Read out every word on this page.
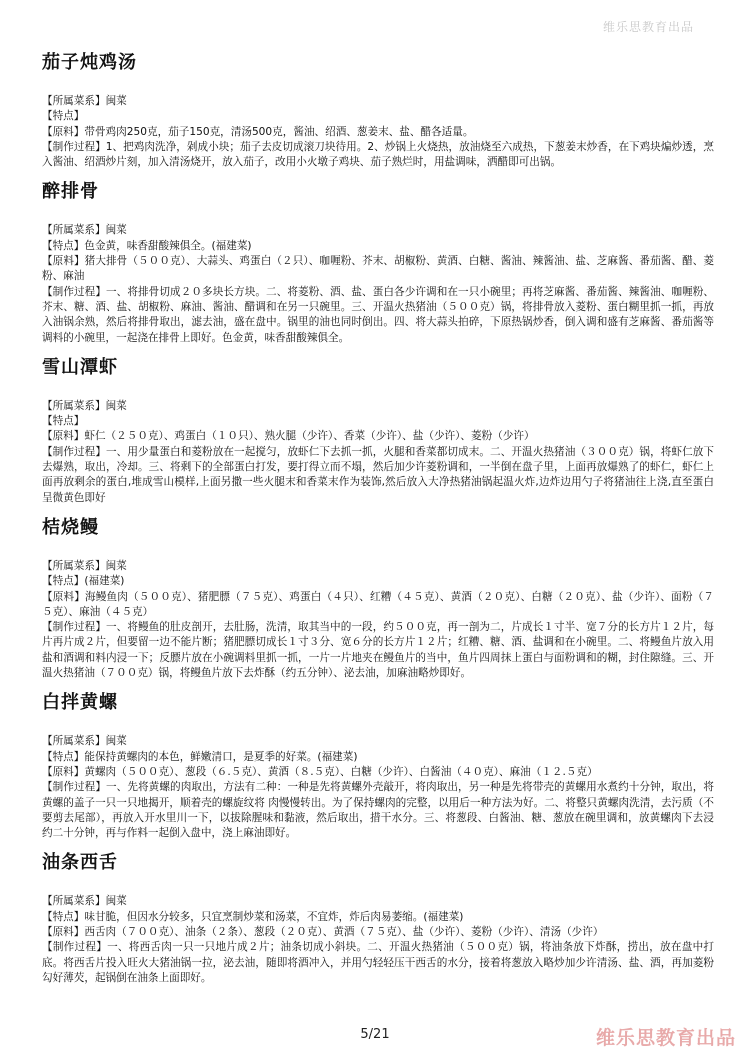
维乐思教育出品
茄子炖鸡汤

【所属菜系】闽菜

【特点】

【原料】带骨鸡肉250克，茄子150克，清汤500克，酱油、绍酒、葱姜末、盐、醋各适量。

【制作过程】1、把鸡肉洗净，剁成小块；茄子去皮切成滚刀块待用。2、炒锅上火烧热，放油烧至六成热，下葱姜末炒香，在下鸡块煸炒透，烹入酱油、绍酒炒片刻，加入清汤烧开，放入茄子，改用小火墩子鸡块、茄子熟烂时，用盐调味，洒醋即可出锅。

醉排骨

【所属菜系】闽菜

【特点】色金黄，味香甜酸辣俱全。(福建菜)

【原料】猪大排骨（５００克）、大蒜头、鸡蛋白（２只）、咖喱粉、芥末、胡椒粉、黄酒、白糖、酱油、辣酱油、盐、芝麻酱、番茄酱、醋、菱粉、麻油

【制作过程】一、将排骨切成２０多块长方块。二、将菱粉、酒、盐、蛋白各少许调和在一只小碗里；再将芝麻酱、番茄酱、辣酱油、咖喱粉、芥末、糖、酒、盐、胡椒粉、麻油、酱油、醋调和在另一只碗里。三、开温火热猪油（５００克）锅，将排骨放入菱粉、蛋白糊里抓一抓，再放入油锅余熟，然后将排骨取出，滤去油，盛在盘中。锅里的油也同时倒出。四、将大蒜头拍碎，下原热锅炒香，倒入调和盛有芝麻酱、番茄酱等调料的小碗里，一起浇在排骨上即好。色金黄，味香甜酸辣俱全。

雪山潭虾

【所属菜系】闽菜

【特点】

【原料】虾仁（２５０克）、鸡蛋白（１０只）、熟火腿（少许）、香菜（少许）、盐（少许）、菱粉（少许）

【制作过程】一、用少量蛋白和菱粉放在一起搅匀，放虾仁下去抓一抓，火腿和香菜都切成末。二、开温火热猪油（３００克）锅，将虾仁放下去爆熟，取出，冷却。三、将剩下的全部蛋白打发，要打得立而不塌，然后加少许菱粉调和，一半倒在盘子里，上面再放爆熟了的虾仁，虾仁上面再放剩余的蛋白,堆成雪山模样,上面另撒一些火腿末和香菜末作为装饰,然后放入大净热猪油锅起温火炸,边炸边用勺子将猪油往上浇,直至蛋白呈微黄色即好

桔烧鳗

【所属菜系】闽菜

【特点】(福建菜)

【原料】海鳗鱼肉（５００克）、猪肥膘（７５克）、鸡蛋白（４只）、红糟（４５克）、黄酒（２０克）、白糖（２０克）、盐（少许）、面粉（７５克）、麻油（４５克）

【制作过程】一、将鳗鱼的肚皮剖开，去肚肠，洗清，取其当中的一段，约５００克，再一剖为二，片成长１寸半、宽７分的长方片１２片，每片再片成２片，但要留一边不能片断；猪肥膘切成长１寸３分、宽６分的长方片１２片；红糟、糖、酒、盐调和在小碗里。二、将鳗鱼片放入用盐和酒调和料内浸一下；反膘片放在小碗调料里抓一抓，一片一片地夹在鳗鱼片的当中，鱼片四周抹上蛋白与面粉调和的糊，封住隙缝。三、开温火热猪油（７００克）锅，将鳗鱼片放下去炸酥（约五分钟）、泌去油，加麻油略炒即好。

白拌黄螺

【所属菜系】闽菜

【特点】能保持黄螺肉的本色，鲜嫩清口，是夏季的好菜。(福建菜)

【原料】黄螺肉（５００克）、葱段（６.５克）、黄酒（８.５克）、白糖（少许）、白酱油（４０克）、麻油（１２.５克）

【制作过程】一、先将黄螺的肉取出，方法有二种：一种是先将黄螺外壳敲开，将肉取出，另一种是先将带壳的黄螺用水煮约十分钟，取出，将黄螺的盖子一只一只地揭开，顺着壳的螺旋纹将 肉慢慢转出。为了保持螺肉的完整，以用后一种方法为好。二、将整只黄螺肉洗清，去污质（不要剪去尾部），再放入开水里川一下，以拔除腥味和黏液，然后取出，措干水分。三、将葱段、白酱油、糖、葱放在碗里调和，放黄螺肉下去浸约二十分钟，再与作料一起倒入盘中，浇上麻油即好。

油条西舌

【所属菜系】闽菜

【特点】味甘脆，但因水分较多，只宜烹制炒菜和汤菜，不宜炸，炸后肉易萎缩。(福建菜)

【原料】西舌肉（７００克）、油条（２条）、葱段（２０克）、黄酒（７５克）、盐（少许）、菱粉（少许）、清汤（少许）

【制作过程】一、将西舌肉一只一只地片成２片；油条切成小斜块。二、开温火热猪油（５００克）锅，将油条放下炸酥，捞出，放在盘中打底。将西舌片投入旺火大猪油锅一拉，泌去油，随即将酒冲入，并用勺轻轻压干西舌的水分，接着将葱放入略炒加少许清汤、盐、酒，再加菱粉勾好薄芡，起锅倒在油条上面即好。

5/21	维乐思教育出品
